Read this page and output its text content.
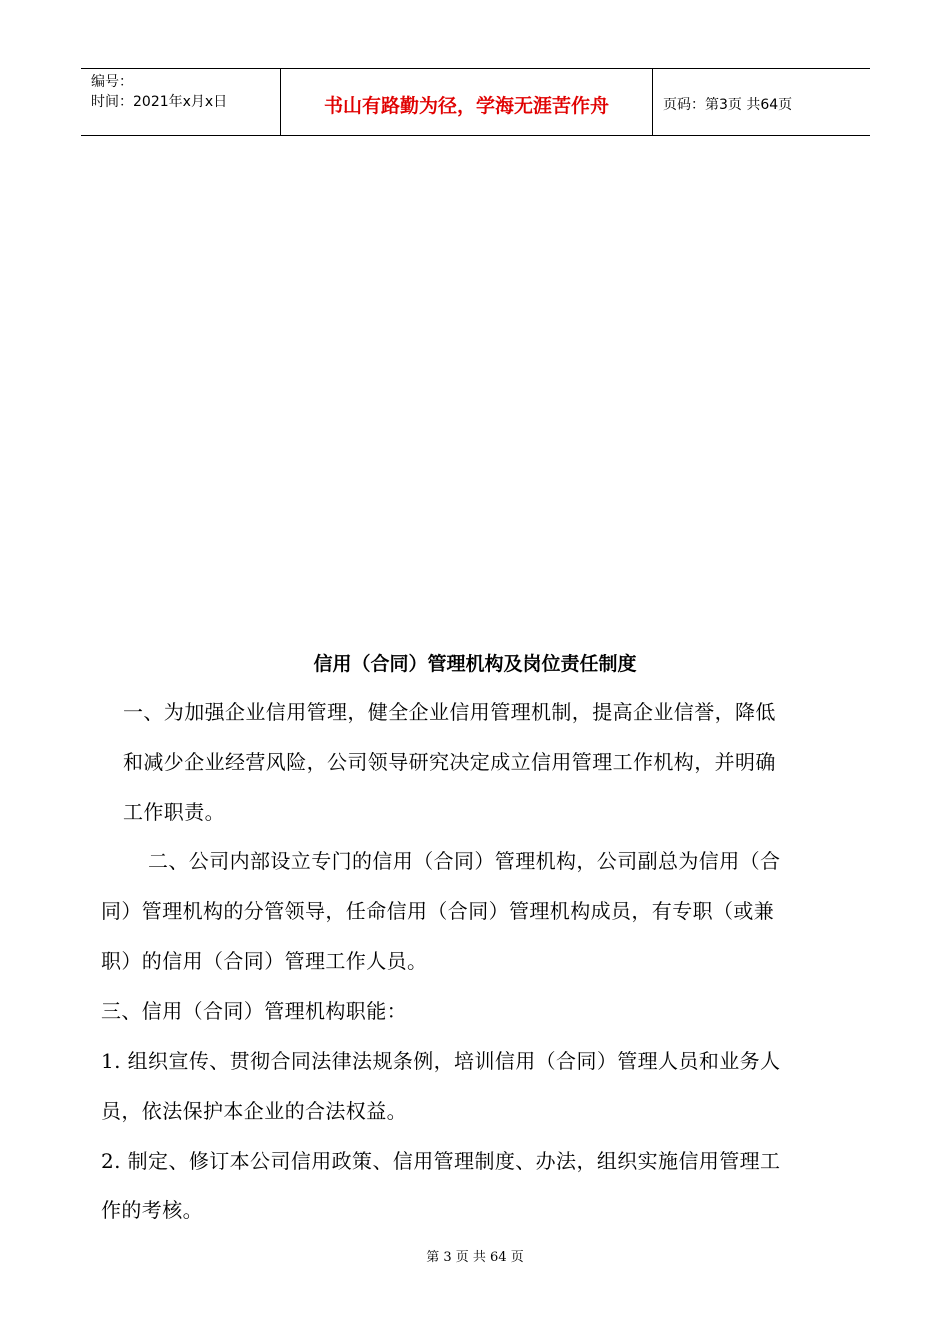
编号：
时间：2021年x月x日	书山有路勤为径，学海无涯苦作舟	页码：第3页 共64页
信用（合同）管理机构及岗位责任制度
一、为加强企业信用管理，健全企业信用管理机制，提高企业信誉，降低
和减少企业经营风险，公司领导研究决定成立信用管理工作机构，并明确
工作职责。
二、公司内部设立专门的信用（合同）管理机构，公司副总为信用（合
同）管理机构的分管领导，任命信用（合同）管理机构成员，有专职（或兼
职）的信用（合同）管理工作人员。
三、信用（合同）管理机构职能：
1. 组织宣传、贯彻合同法律法规条例，培训信用（合同）管理人员和业务人
员，依法保护本企业的合法权益。
2. 制定、修订本公司信用政策、信用管理制度、办法，组织实施信用管理工
作的考核。
第 3 页 共 64 页
